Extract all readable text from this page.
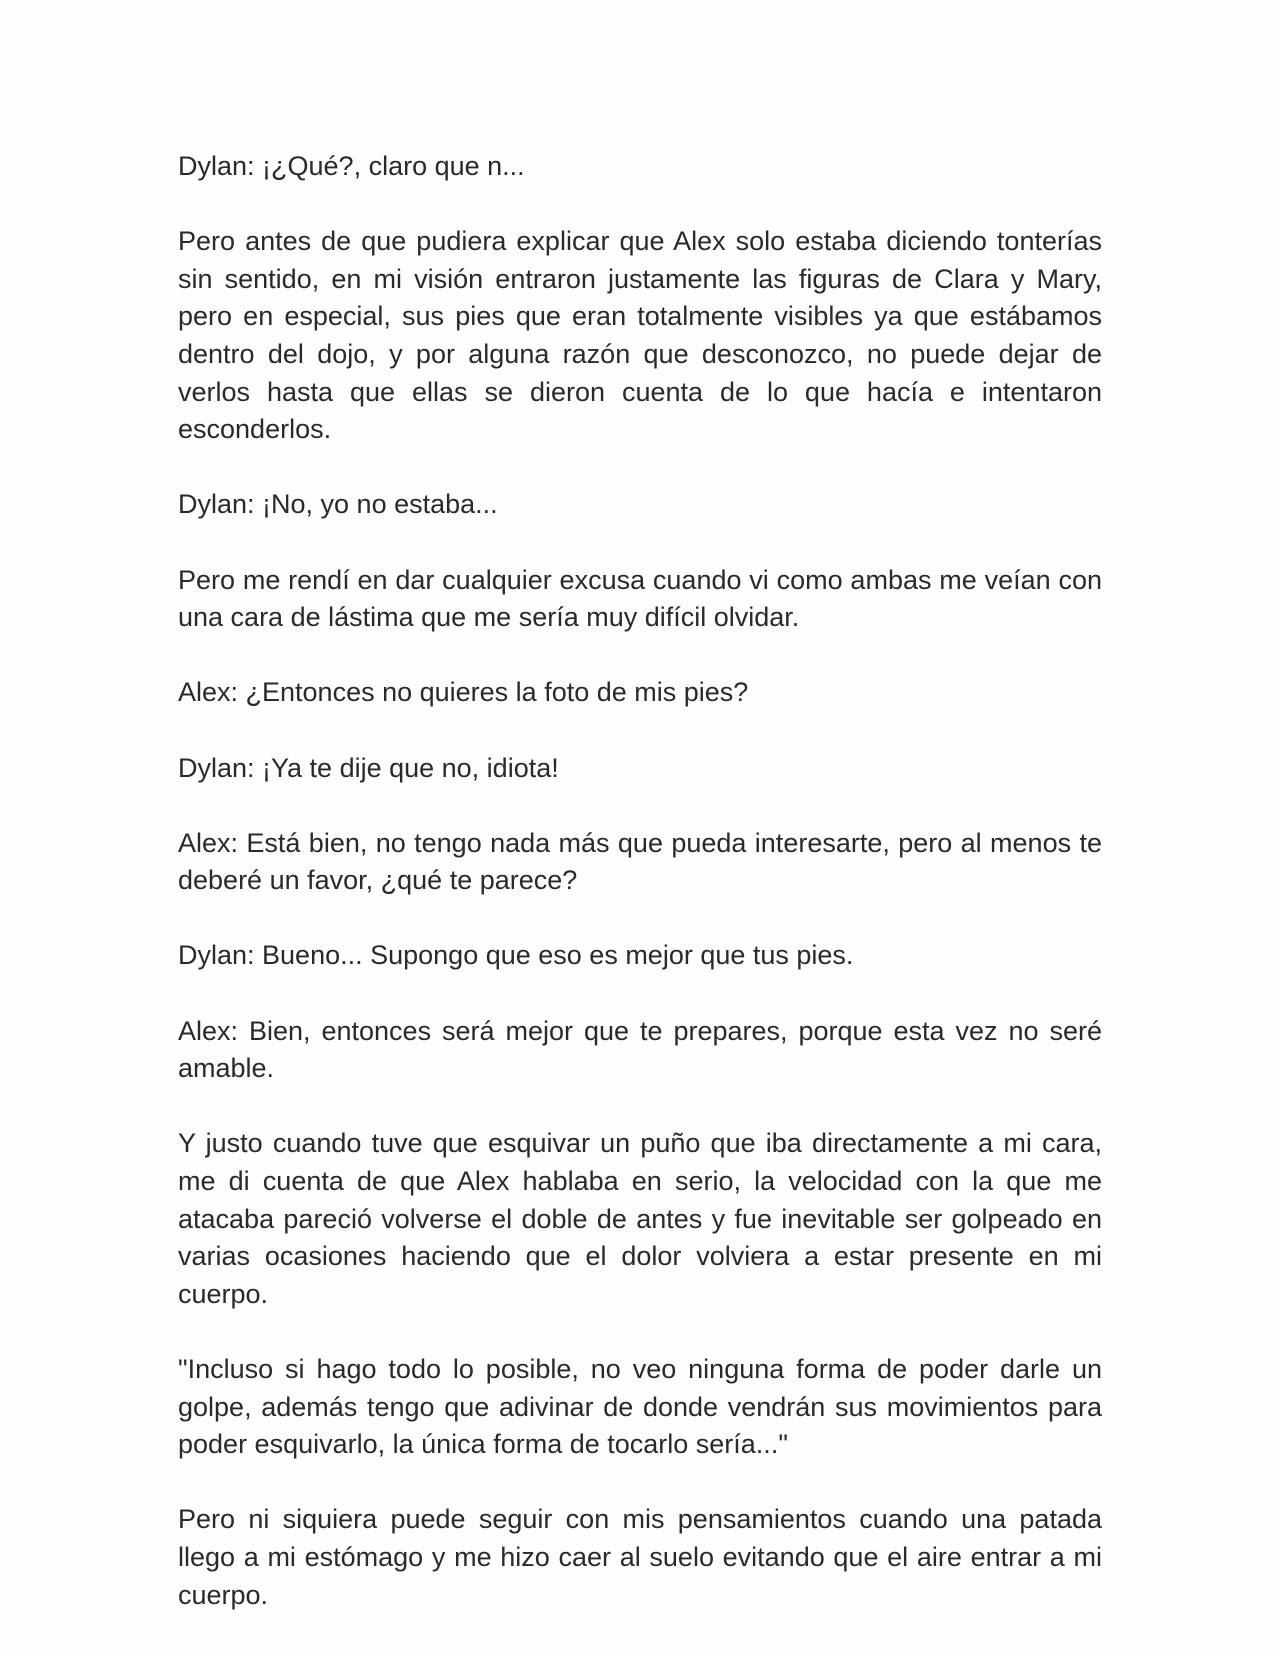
Dylan: ¡¿Qué?, claro que n...

Pero antes de que pudiera explicar que Alex solo estaba diciendo tonterías sin sentido, en mi visión entraron justamente las figuras de Clara y Mary, pero en especial, sus pies que eran totalmente visibles ya que estábamos dentro del dojo, y por alguna razón que desconozco, no puede dejar de verlos hasta que ellas se dieron cuenta de lo que hacía e intentaron esconderlos.

Dylan: ¡No, yo no estaba...

Pero me rendí en dar cualquier excusa cuando vi como ambas me veían con una cara de lástima que me sería muy difícil olvidar.

Alex: ¿Entonces no quieres la foto de mis pies?

Dylan: ¡Ya te dije que no, idiota!

Alex: Está bien, no tengo nada más que pueda interesarte, pero al menos te deberé un favor, ¿qué te parece?

Dylan: Bueno... Supongo que eso es mejor que tus pies.

Alex: Bien, entonces será mejor que te prepares, porque esta vez no seré amable.

Y justo cuando tuve que esquivar un puño que iba directamente a mi cara, me di cuenta de que Alex hablaba en serio, la velocidad con la que me atacaba pareció volverse el doble de antes y fue inevitable ser golpeado en varias ocasiones haciendo que el dolor volviera a estar presente en mi cuerpo.

"Incluso si hago todo lo posible, no veo ninguna forma de poder darle un golpe, además tengo que adivinar de donde vendrán sus movimientos para poder esquivarlo, la única forma de tocarlo sería..."

Pero ni siquiera puede seguir con mis pensamientos cuando una patada llego a mi estómago y me hizo caer al suelo evitando que el aire entrar a mi cuerpo.
